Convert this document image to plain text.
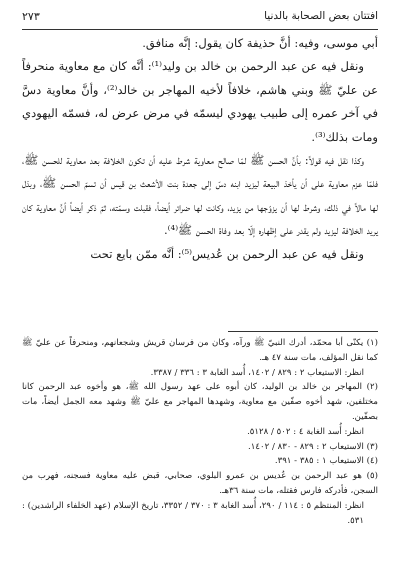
افتتان بعض الصحابة بالدنيا
٢٧٣

أبي موسى، وفيه: أنَّ حذيفة كان يقول: إنَّه منافق.

ونقل فيه عن عبد الرحمن بن خالد بن وليد⁽¹⁾: أنَّه كان مع معاوية منحرفاً عن عليّ ﷺ وبني هاشم، خلافاً لأخيه المهاجر بن خالد⁽²⁾، وأنَّ معاوية دسَّ في آخر عمره إلى طبيب يهودي ليسمّه في مرض عرض له، فسمّه اليهودي ومات بذلك⁽³⁾.

وكذا نقل فيه قولاً: بأنَّ الحسن ﷺ لمّا صالح معاوية شرط عليه أن تكون الخلافة بعد معاوية للحسن ﷺ، فلمّا عزم معاوية على أن يأخذ البيعة ليزيد ابنه دسّ إلى جعدة بنت الأشعث بن قيس أن تسمّ الحسن ﷺ، وبذل لها مالاً في ذلك، وشرط لها أن يزوّجها من يزيد، وكانت لها ضرائر أيضاً، فقبلت وسمّته، ثمّ ذكر أيضاً أنَّ معاوية كان يريد الخلافة ليزيد ولم يقدر على إظهاره إلّا بعد وفاة الحسن ﷺ⁽⁴⁾.

ونقل فيه عن عبد الرحمن بن عُديس⁽⁵⁾: أنَّه ممّن بايع تحت

(١) يكنّى أبا محمّد، أدرك النبيّ ﷺ ورآه، وكان من فرسان قريش وشجعانهم، ومنحرفاً عن عليّ ﷺ كما نقل المؤلف، مات سنة ٤٧ هـ.

انظر: الاستيعاب ٢ : ٨٢٩ / ١٤٠٢، أُسد الغابة ٣ : ٣٣٦ / ٣٣٨٧.

(٢) المهاجر بن خالد بن الوليد، كان أبوه على عهد رسول الله ﷺ، هو وأخوه عبد الرحمن كانا مختلفين، شهد أخوه صفّين مع معاوية، وشهدها المهاجر مع عليّ ﷺ وشهد معه الجمل أيضاً، مات بصفّين.

انظر: أُسد الغابة ٤ : ٥٠٢ / ٥١٢٨.

(٣) الاستيعاب ٢ : ٨٢٩ - ٨٣٠ / ١٤٠٢.

(٤) الاستيعاب ١ : ٣٨٥ - ٣٩١.

(٥) هو عبد الرحمن بن عُديس بن عمرو البلوي، صحابي، قبض عليه معاوية فسجنه، فهرب من السجن، فأدركه فارس فقتله، مات سنة ٣٦هـ.

انظر: المنتظم ٥ : ١١٤ / ٢٩٠، أُسد الغابة ٣ : ٣٧٠ / ٣٣٥٢، تاريخ الإسلام (عهد الخلفاء الراشدين) : ٥٣١.
